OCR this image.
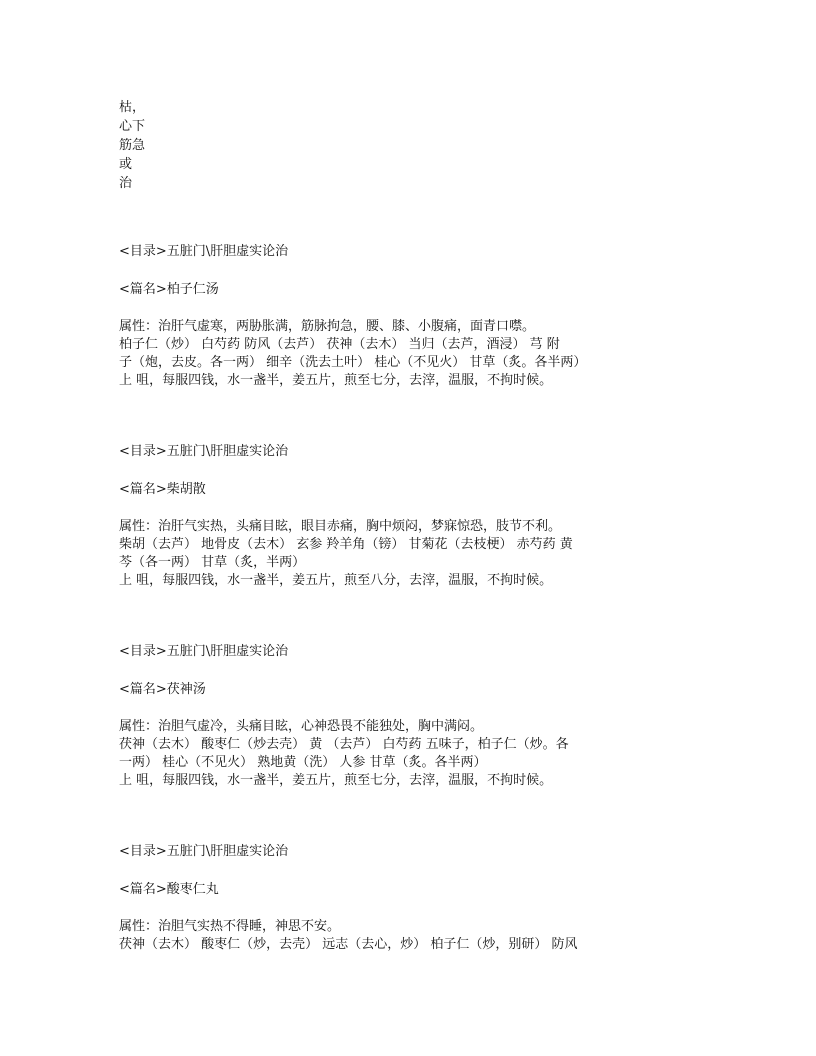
枯，
心下
筋急
或
治
<目录>五脏门\肝胆虚实论治
<篇名>柏子仁汤
属性：治肝气虚寒，两胁胀满，筋脉拘急，腰、膝、小腹痛，面青口噤。
柏子仁（炒） 白芍药 防风（去芦） 茯神（去木） 当归（去芦，酒浸） 芎 附
子（炮，去皮。各一两） 细辛（洗去土叶） 桂心（不见火） 甘草（炙。各半两）
上 咀，每服四钱，水一盏半，姜五片，煎至七分，去滓，温服，不拘时候。
<目录>五脏门\肝胆虚实论治
<篇名>柴胡散
属性：治肝气实热，头痛目眩，眼目赤痛，胸中烦闷，梦寐惊恐，肢节不利。
柴胡（去芦） 地骨皮（去木） 玄参 羚羊角（镑） 甘菊花（去枝梗） 赤芍药 黄
芩（各一两） 甘草（炙，半两）
上 咀，每服四钱，水一盏半，姜五片，煎至八分，去滓，温服，不拘时候。
<目录>五脏门\肝胆虚实论治
<篇名>茯神汤
属性：治胆气虚冷，头痛目眩，心神恐畏不能独处，胸中满闷。
茯神（去木） 酸枣仁（炒去壳） 黄 （去芦） 白芍药 五味子，柏子仁（炒。各
一两） 桂心（不见火） 熟地黄（洗） 人参 甘草（炙。各半两）
上 咀，每服四钱，水一盏半，姜五片，煎至七分，去滓，温服，不拘时候。
<目录>五脏门\肝胆虚实论治
<篇名>酸枣仁丸
属性：治胆气实热不得睡，神思不安。
茯神（去木） 酸枣仁（炒，去壳） 远志（去心，炒） 柏子仁（炒，别研） 防风
